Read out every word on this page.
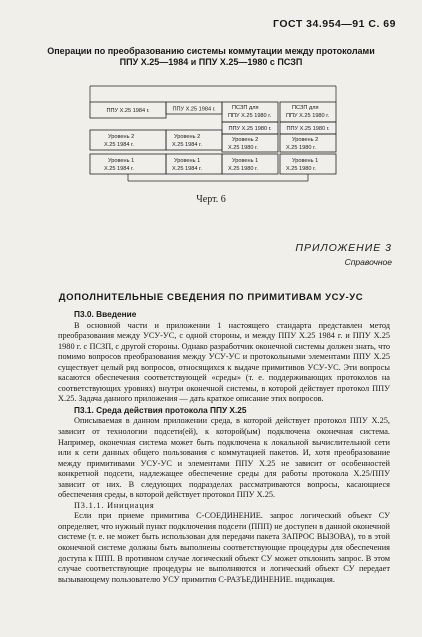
ГОСТ 34.954—91 С. 69
Операции по преобразованию системы коммутации между протоколами
ППУ Х.25—1984 и ППУ Х.25—1980 с ПСЗП
ППУ Х.25 1984 г.
Уровень 2
Х.25 1984 г.
Уровень 1
Х.25 1984 г.
ППУ Х.25 1984 г.
Уровень 2
Х.25 1984 г.
Уровень 1
Х.25 1984 г.
ПСЗП для
ППУ Х.25 1980 г.
ППУ Х.25 1980 г.
Уровень 2
Х.25 1980 г.
Уровень 1
Х.25 1980 г.
ПСЗП для
ППУ Х.25 1980 г.
ППУ Х.25 1980 г.
Уровень 2
Х.25 1980 г.
Уровень 1
Х.25 1980 г.
Черт. 6
ПРИЛОЖЕНИЕ 3
Справочное
ДОПОЛНИТЕЛЬНЫЕ СВЕДЕНИЯ ПО ПРИМИТИВАМ УСУ-УС

П3.0. Введение

В основной части и приложении 1 настоящего стандарта представлен метод преобразования между УСУ-УС, с одной стороны, и между ППУ Х.25 1984 г. и ППУ Х.25 1980 г. с ПСЗП, с другой стороны. Однако разработчик оконечной системы должен знать, что помимо вопросов преобразования между УСУ-УС и протокольными элементами ППУ Х.25 существует целый ряд вопросов, относящихся к выдаче примитивов УСУ-УС. Эти вопросы касаются обеспечения соответствующей «среды» (т. е. поддерживающих протоколов на соответствующих уровнях) внутри оконечной системы, в которой действует протокол ППУ Х.25. Задача данного приложения — дать краткое описание этих вопросов.

П3.1. Среда действия протокола ППУ Х.25

Описываемая в данном приложении среда, в которой действует протокол ППУ Х.25, зависит от технологии подсети(ей), к которой(ым) подключена оконечная система. Например, оконечная система может быть подключена к локальной вычислительной сети или к сети данных общего пользования с коммутацией пакетов. И, хотя преобразование между примитивами УСУ-УС и элементами ППУ Х.25 не зависит от особенностей конкретной подсети, надлежащее обеспечение среды для работы протокола Х.25/ППУ зависит от них. В следующих подразделах рассматриваются вопросы, касающиеся обеспечения среды, в которой действует протокол ППУ Х.25.

П3.1.1. Инициация

Если при приеме примитива С-СОЕДИНЕНИЕ. запрос логический объект СУ определяет, что нужный пункт подключения подсети (ППП) не доступен в данной оконечной системе (т. е. не может быть использован для передачи пакета ЗАПРОС ВЫЗОВА), то в этой оконечной системе должны быть выполнены соответствующие процедуры для обеспечения доступа к ППП. В противном случае логический объект СУ может отклонить запрос. В этом случае соответствующие процедуры не выполняются и логический объект СУ передает вызывающему пользователю УСУ примитив С-РАЗЪЕДИНЕНИЕ. индикация.
